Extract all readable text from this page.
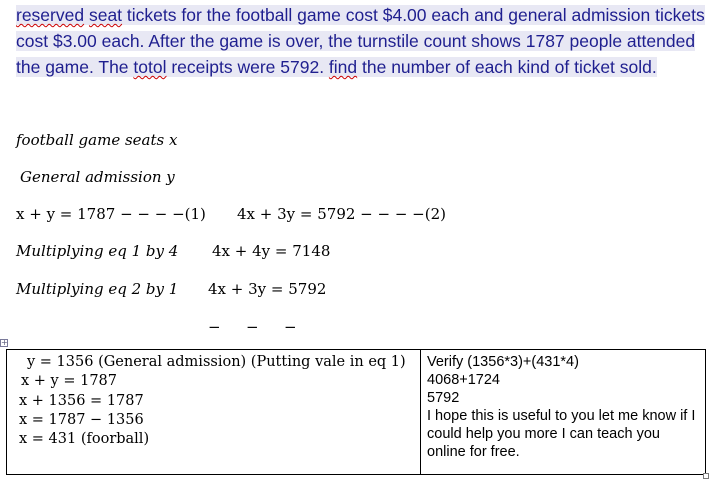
reserved seat tickets for the football game cost $4.00 each and general admission tickets cost $3.00 each. After the game is over, the turnstile count shows 1787 people attended the game. The totol receipts were 5792. find the number of each kind of ticket sold.

football game seats x
General admission y
x + y = 1787 − − − −(1) 4x + 3y = 5792 − − − −(2)
Multiplying eq 1 by 4 4x + 4y = 7148
Multiplying eq 2 by 1 4x + 3y = 5792
− − −
+
y = 1356 (General admission) (Putting vale in eq 1)
x + y = 1787
x + 1356 = 1787
x = 1787 − 1356
x = 431 (foorball)
Verify (1356*3)+(431*4)
4068+1724
5792
I hope this is useful to you let me know if I could help you more I can teach you online for free.
